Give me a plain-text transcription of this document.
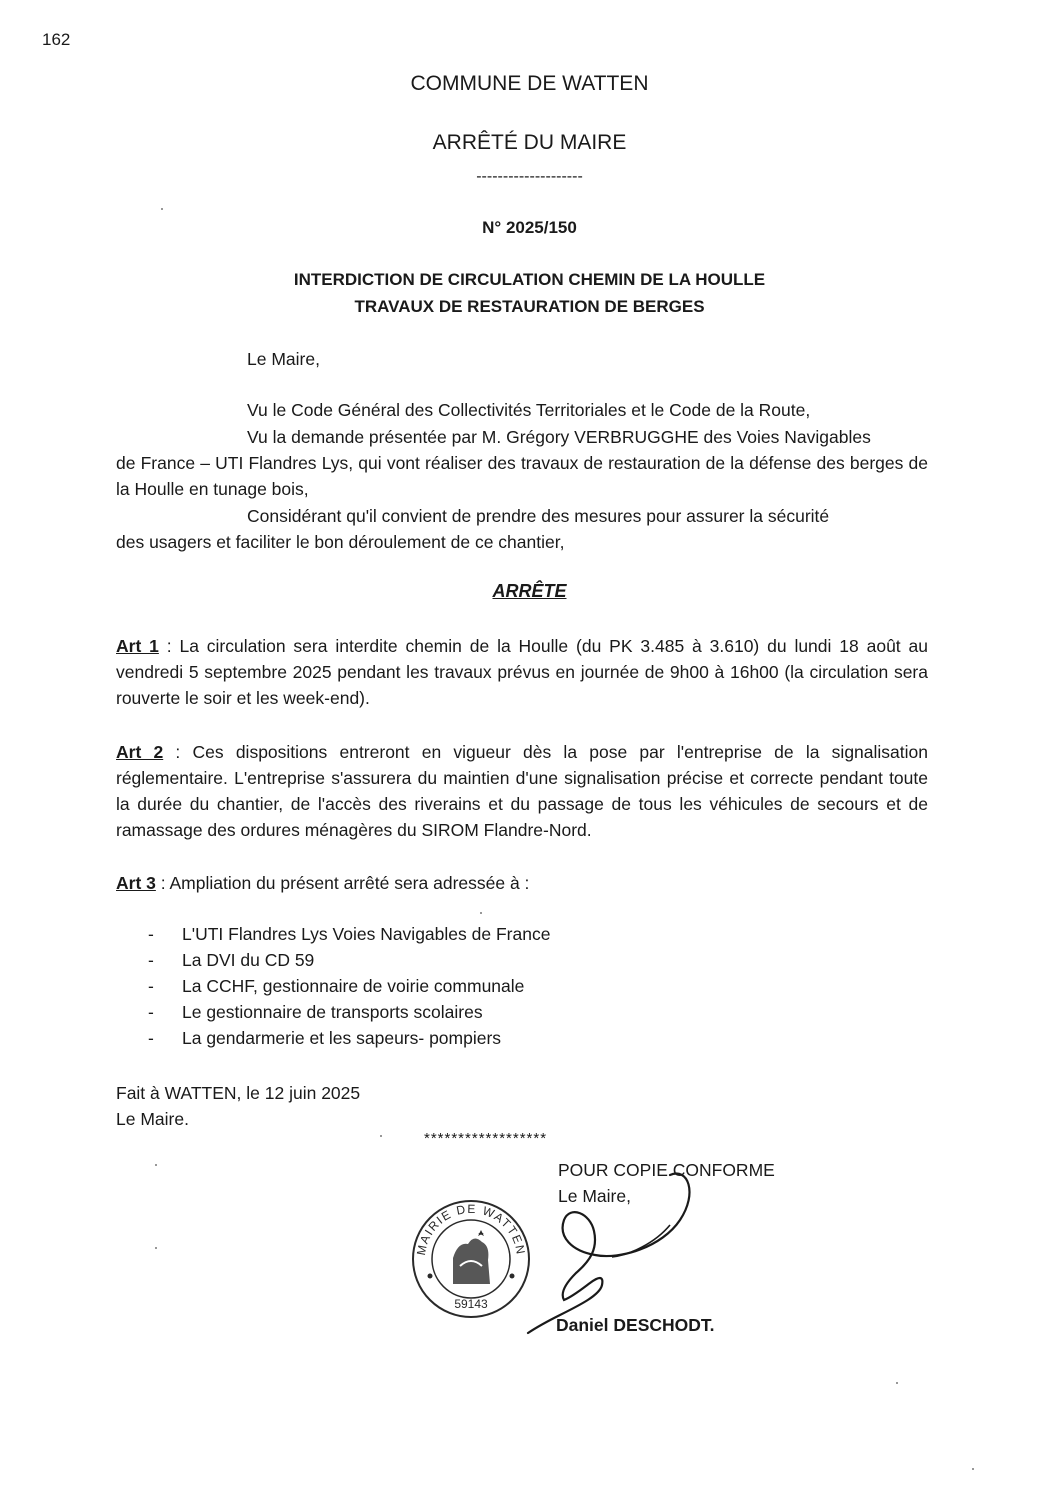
162
COMMUNE DE WATTEN
ARRÊTÉ DU MAIRE
--------------------
N° 2025/150
INTERDICTION DE CIRCULATION CHEMIN DE LA HOULLE
TRAVAUX DE RESTAURATION DE BERGES
Le Maire,
Vu le Code Général des Collectivités Territoriales et le Code de la Route,
Vu la demande présentée par M. Grégory VERBRUGGHE des Voies Navigables
de France – UTI Flandres Lys, qui vont réaliser des travaux de restauration de la défense des berges de la Houlle en tunage bois,
Considérant qu'il convient de prendre des mesures pour assurer la sécurité
des usagers et faciliter le bon déroulement de ce chantier,
ARRÊTE
Art 1 : La circulation sera interdite chemin de la Houlle (du PK 3.485 à 3.610) du lundi 18 août au vendredi 5 septembre 2025 pendant les travaux prévus en journée de 9h00 à 16h00 (la circulation sera rouverte le soir et les week-end).
Art 2 : Ces dispositions entreront en vigueur dès la pose par l'entreprise de la signalisation réglementaire. L'entreprise s'assurera du maintien d'une signalisation précise et correcte pendant toute la durée du chantier, de l'accès des riverains et du passage de tous les véhicules de secours et de ramassage des ordures ménagères du SIROM Flandre-Nord.
Art 3 : Ampliation du présent arrêté sera adressée à :
- L'UTI Flandres Lys Voies Navigables de France
- La DVI du CD 59
- La CCHF, gestionnaire de voirie communale
- Le gestionnaire de transports scolaires
- La gendarmerie et les sapeurs- pompiers
Fait à WATTEN, le 12 juin 2025
Le Maire.
******************
POUR COPIE CONFORME
Le Maire,
MAIRIE DE WATTEN
59143
Daniel DESCHODT.
